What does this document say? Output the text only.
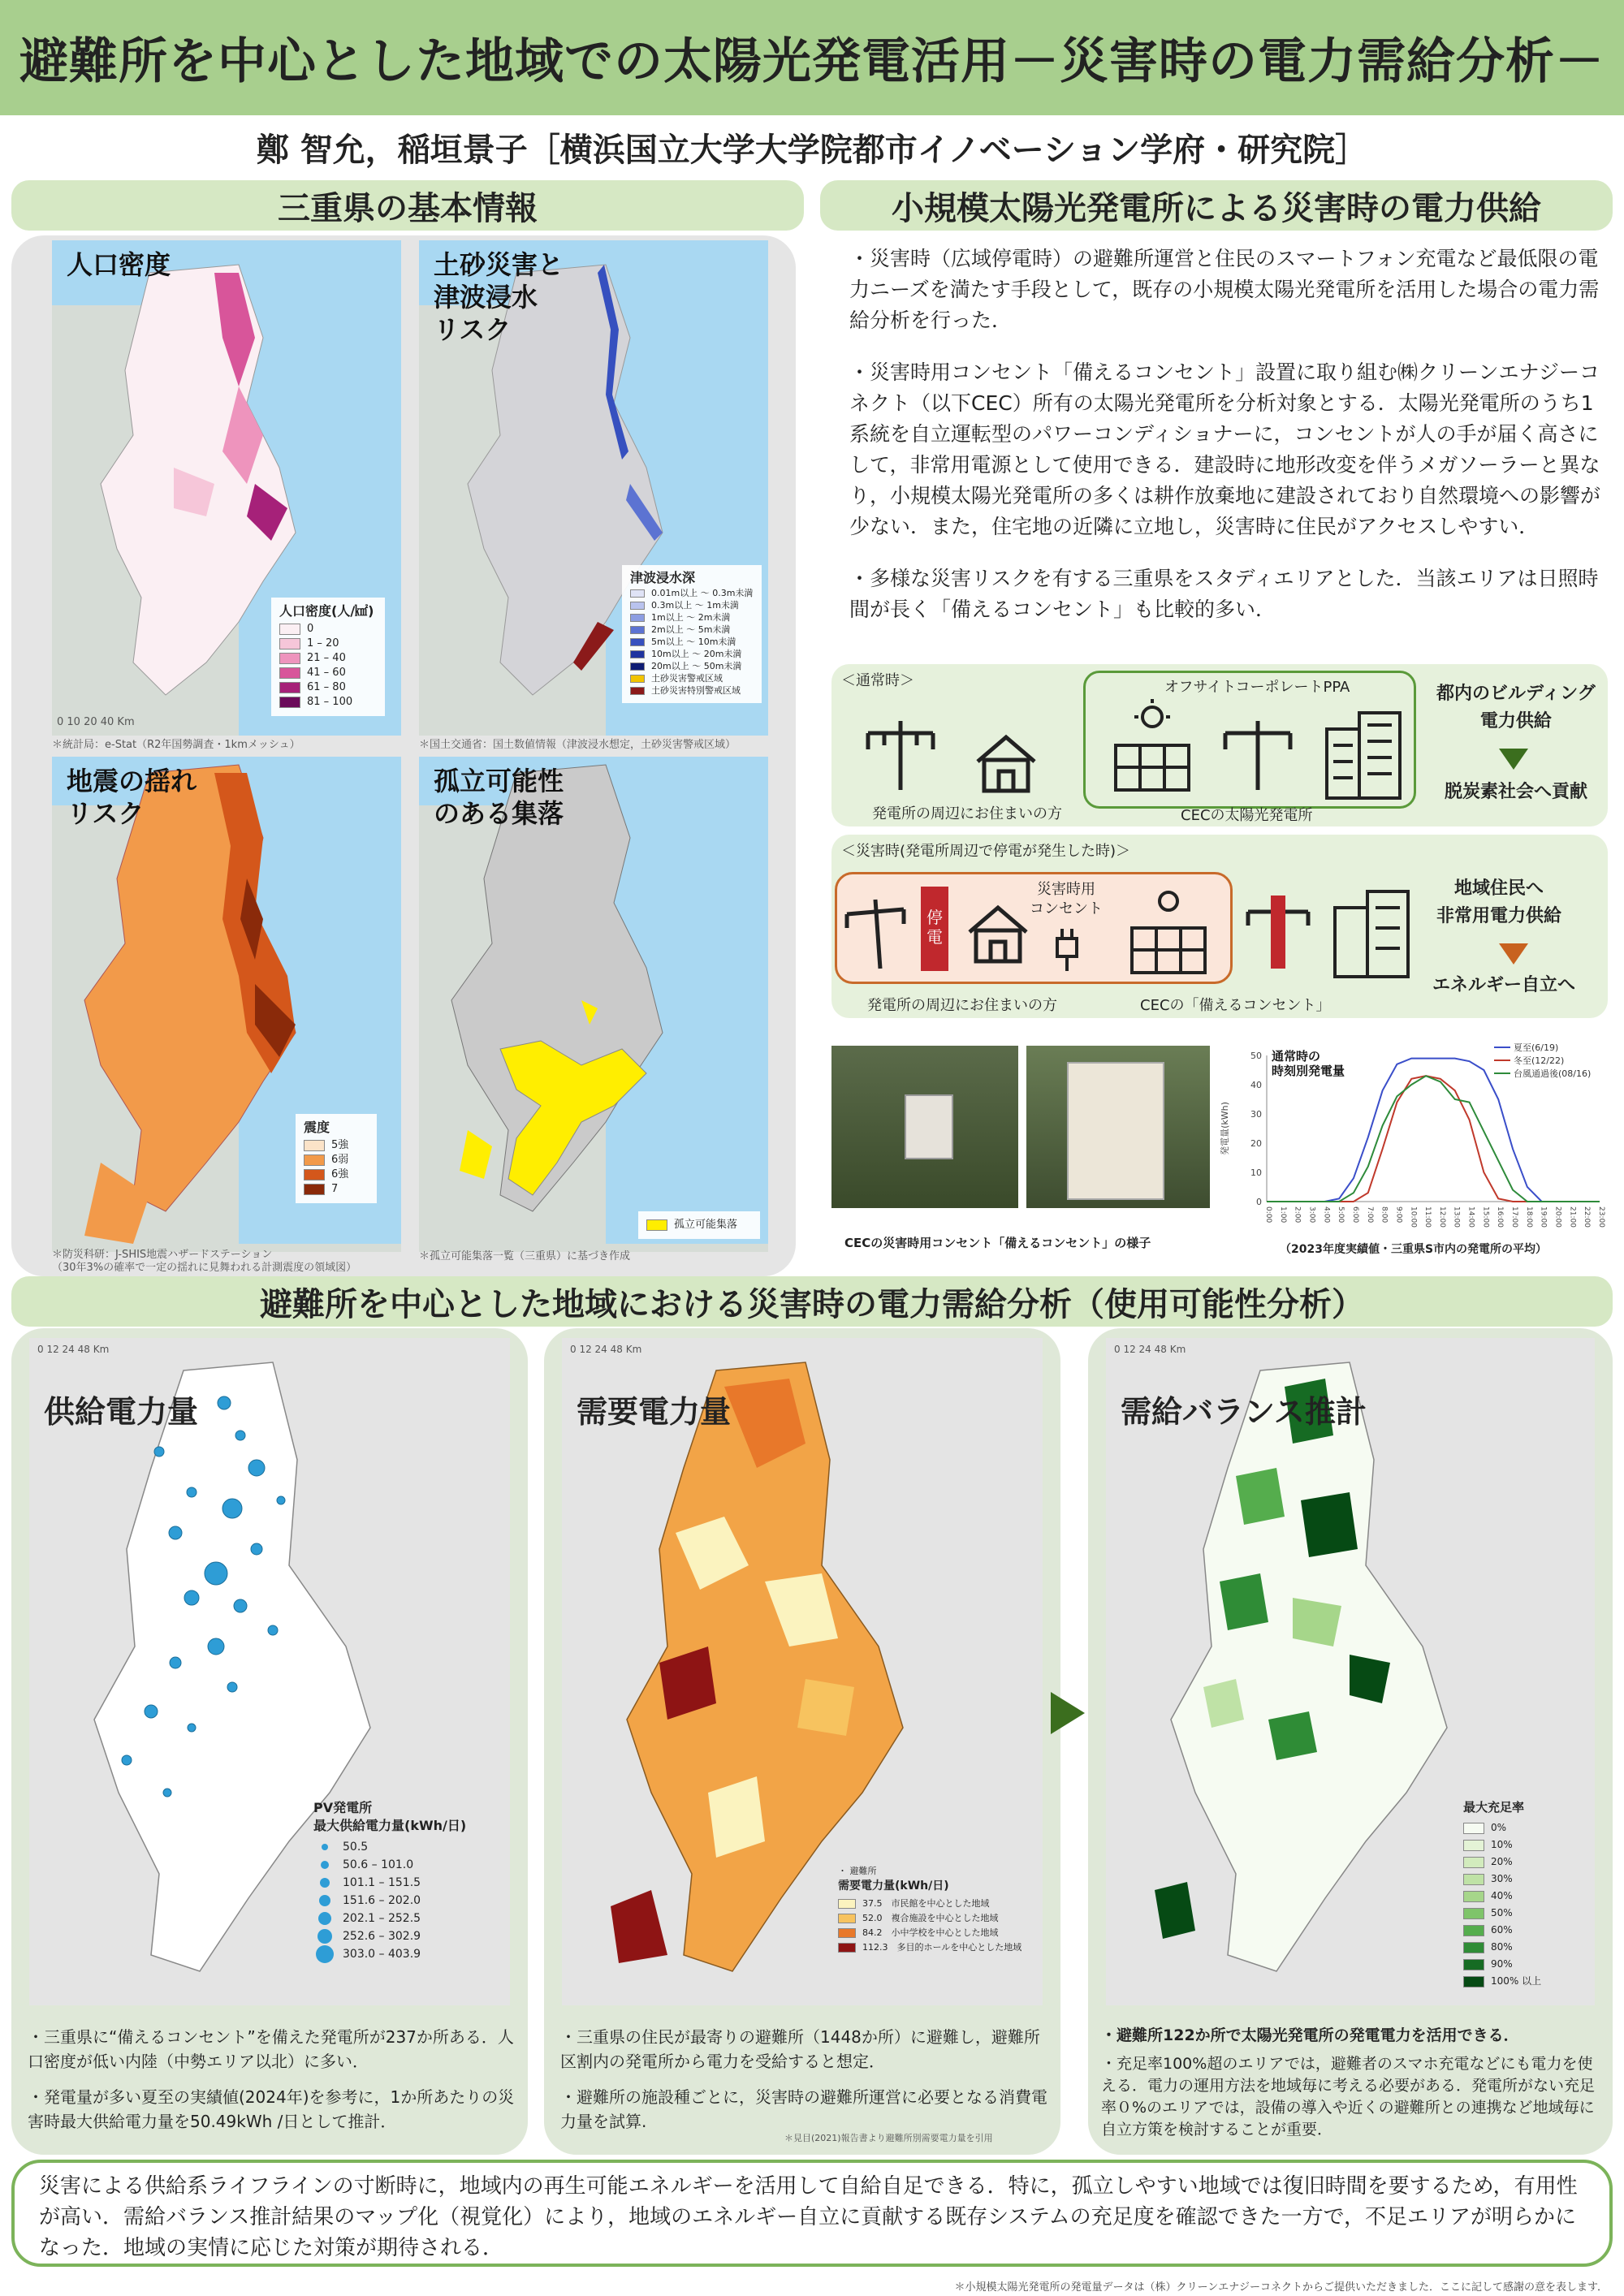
避難所を中心とした地域での太陽光発電活用－災害時の電力需給分析－
鄭 智允，稲垣景子［横浜国立大学大学院都市イノベーション学府・研究院］
三重県の基本情報
人口密度
人口密度(人/㎢)
0
1 – 20
21 – 40
41 – 60
61 – 80
81 – 100
0 10 20 40 Km
＊統計局：e-Stat（R2年国勢調査・1kmメッシュ）
土砂災害と
津波浸水
リスク
津波浸水深
0.01m以上 ～ 0.3m未満
0.3m以上 ～ 1m未満
1m以上 ～ 2m未満
2m以上 ～ 5m未満
5m以上 ～ 10m未満
10m以上 ～ 20m未満
20m以上 ～ 50m未満
土砂災害警戒区域
土砂災害特別警戒区域
＊国土交通省：国土数値情報（津波浸水想定，土砂災害警戒区域）
地震の揺れ
リスク
震度
5強
6弱
6強
7
＊防災科研：J-SHIS地震ハザードステーション
（30年3%の確率で一定の揺れに見舞われる計測震度の領域図）
孤立可能性
のある集落
孤立可能集落
＊孤立可能集落一覧（三重県）に基づき作成
小規模太陽光発電所による災害時の電力供給

・災害時（広域停電時）の避難所運営と住民のスマートフォン充電など最低限の電力ニーズを満たす手段として，既存の小規模太陽光発電所を活用した場合の電力需給分析を行った．

・災害時用コンセント「備えるコンセント」設置に取り組む㈱クリーンエナジーコネクト（以下CEC）所有の太陽光発電所を分析対象とする．太陽光発電所のうち1系統を自立運転型のパワーコンディショナーに，コンセントが人の手が届く高さにして，非常用電源として使用できる．建設時に地形改変を伴うメガソーラーと異なり，小規模太陽光発電所の多くは耕作放棄地に建設されており自然環境への影響が少ない．また，住宅地の近隣に立地し，災害時に住民がアクセスしやすい．

・多様な災害リスクを有する三重県をスタディエリアとした．当該エリアは日照時間が長く「備えるコンセント」も比較的多い．

＜通常時＞
発電所の周辺にお住まいの方
オフサイトコーポレートPPA
CECの太陽光発電所
都内のビルディング
電力供給
脱炭素社会へ貢献
＜災害時(発電所周辺で停電が発生した時)＞
停電
災害時用
コンセント
発電所の周辺にお住まいの方	CECの「備えるコンセント」
地域住民へ
非常用電力供給
エネルギー自立へ
CECの災害時用コンセント「備えるコンセント」の様子
0
10
20
30
40
50
0:00 1:00 2:00 3:00 4:00 5:00 6:00 7:00 8:00 9:00 10:00 11:00 12:00 13:00 14:00 15:00 16:00 17:00 18:00 19:00 20:00 21:00 22:00 23:00
発電量(kWh)
通常時の
時刻別発電量
夏至(6/19)
冬至(12/22)
台風通過後(08/16)
（2023年度実績値・三重県S市内の発電所の平均）
避難所を中心とした地域における災害時の電力需給分析（使用可能性分析）
0 12 24 48 Km
供給電力量
PV発電所
最大供給電力量(kWh/日)
50.5
50.6 – 101.0
101.1 – 151.5
151.6 – 202.0
202.1 – 252.5
252.6 – 302.9
303.0 – 403.9

・三重県に“備えるコンセント”を備えた発電所が237か所ある．人口密度が低い内陸（中勢エリア以北）に多い．

・発電量が多い夏至の実績値(2024年)を参考に，1か所あたりの災害時最大供給電力量を50.49kWh /日として推計．

0 12 24 48 Km
需要電力量
・ 避難所
需要電力量(kWh/日)
37.5　市民館を中心とした地域
52.0　複合施設を中心とした地域
84.2　小中学校を中心とした地域
112.3　多目的ホールを中心とした地域

・三重県の住民が最寄りの避難所（1448か所）に避難し，避難所区割内の発電所から電力を受給すると想定．

・避難所の施設種ごとに，災害時の避難所運営に必要となる消費電力量を試算.

＊見目(2021)報告書より避難所別需要電力量を引用
0 12 24 48 Km
需給バランス推計
最大充足率
0%
10%
20%
30%
40%
50%
60%
80%
90%
100% 以上

・避難所122か所で太陽光発電所の発電電力を活用できる．

・充足率100%超のエリアでは，避難者のスマホ充電などにも電力を使える．電力の運用方法を地域毎に考える必要がある．発電所がない充足率０%のエリアでは，設備の導入や近くの避難所との連携など地域毎に自立方策を検討することが重要．

災害による供給系ライフラインの寸断時に，地域内の再生可能エネルギーを活用して自給自足できる．特に，孤立しやすい地域では復旧時間を要するため，有用性が高い．需給バランス推計結果のマップ化（視覚化）により，地域のエネルギー自立に貢献する既存システムの充足度を確認できた一方で，不足エリアが明らかになった．地域の実情に応じた対策が期待される．
＊小規模太陽光発電所の発電量データは（株）クリーンエナジーコネクトからご提供いただきました．ここに記して感謝の意を表します．
